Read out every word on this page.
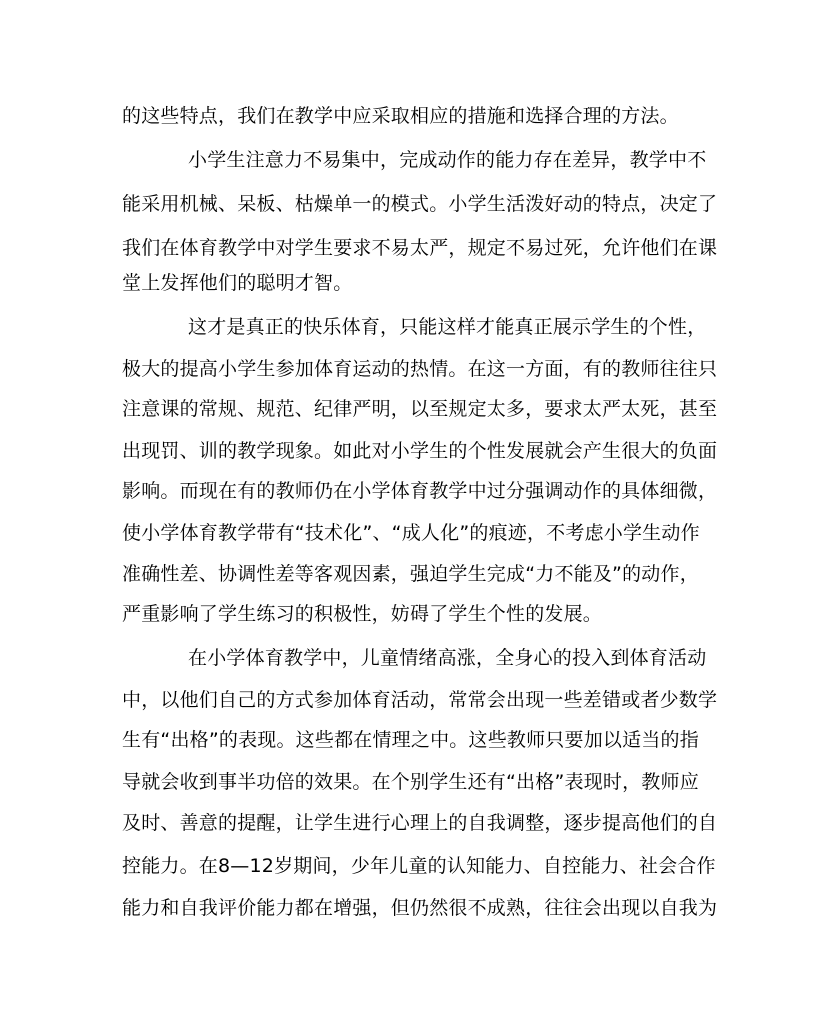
的这些特点，我们在教学中应采取相应的措施和选择合理的方法。
小学生注意力不易集中，完成动作的能力存在差异，教学中不
能采用机械、呆板、枯燥单一的模式。小学生活泼好动的特点，决定了
我们在体育教学中对学生要求不易太严，规定不易过死，允许他们在课
堂上发挥他们的聪明才智。
这才是真正的快乐体育，只能这样才能真正展示学生的个性，
极大的提高小学生参加体育运动的热情。在这一方面，有的教师往往只
注意课的常规、规范、纪律严明，以至规定太多，要求太严太死，甚至
出现罚、训的教学现象。如此对小学生的个性发展就会产生很大的负面
影响。而现在有的教师仍在小学体育教学中过分强调动作的具体细微，
使小学体育教学带有“技术化”、“成人化”的痕迹，不考虑小学生动作
准确性差、协调性差等客观因素，强迫学生完成“力不能及”的动作，
严重影响了学生练习的积极性，妨碍了学生个性的发展。
在小学体育教学中，儿童情绪高涨，全身心的投入到体育活动
中，以他们自己的方式参加体育活动，常常会出现一些差错或者少数学
生有“出格”的表现。这些都在情理之中。这些教师只要加以适当的指
导就会收到事半功倍的效果。在个别学生还有“出格”表现时，教师应
及时、善意的提醒，让学生进行心理上的自我调整，逐步提高他们的自
控能力。在8—12岁期间，少年儿童的认知能力、自控能力、社会合作
能力和自我评价能力都在增强，但仍然很不成熟，往往会出现以自我为
